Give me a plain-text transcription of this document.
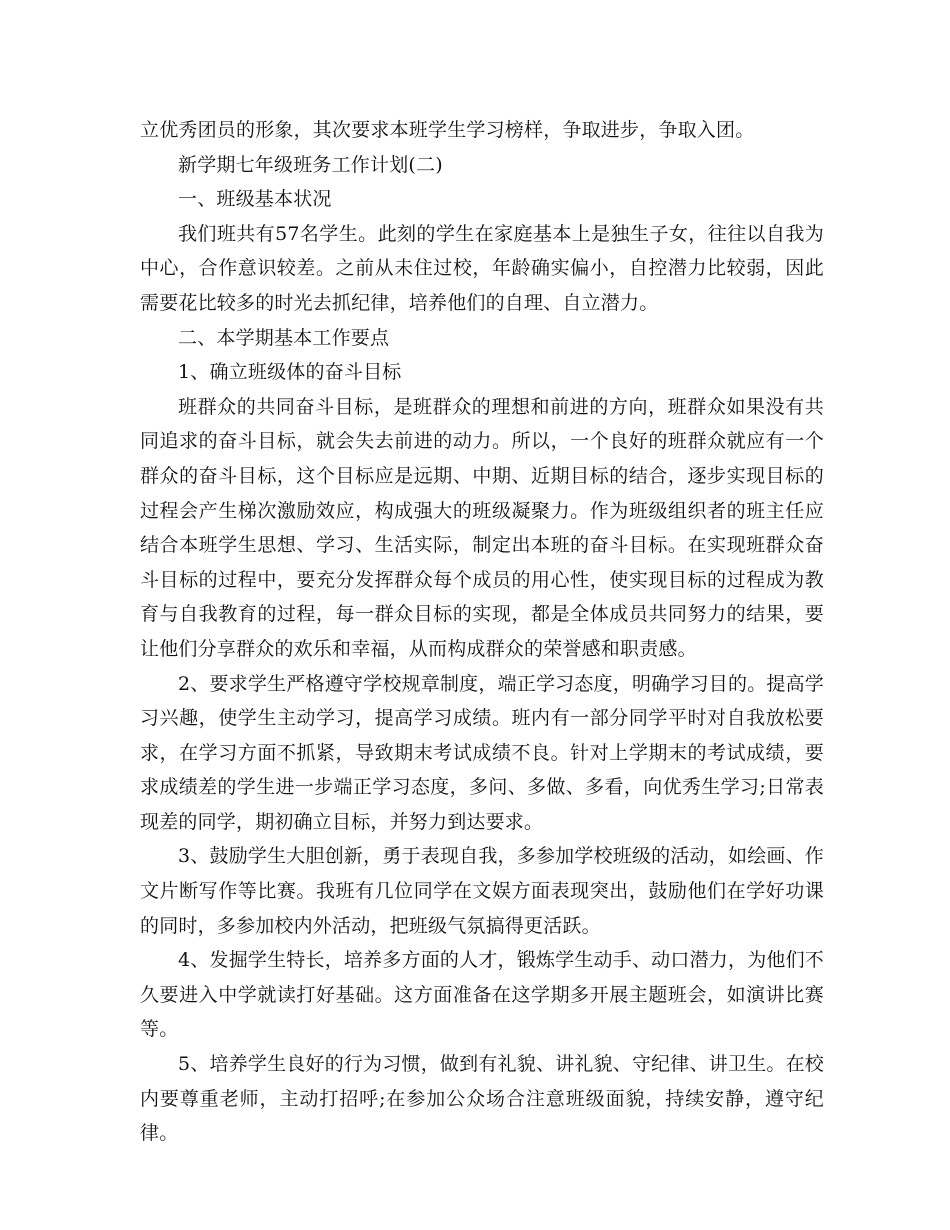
立优秀团员的形象，其次要求本班学生学习榜样，争取进步，争取入团。

新学期七年级班务工作计划(二)

一、班级基本状况

我们班共有57名学生。此刻的学生在家庭基本上是独生子女，往往以自我为中心，合作意识较差。之前从未住过校，年龄确实偏小，自控潜力比较弱，因此需要花比较多的时光去抓纪律，培养他们的自理、自立潜力。

二、本学期基本工作要点

1、确立班级体的奋斗目标

班群众的共同奋斗目标，是班群众的理想和前进的方向，班群众如果没有共同追求的奋斗目标，就会失去前进的动力。所以，一个良好的班群众就应有一个群众的奋斗目标，这个目标应是远期、中期、近期目标的结合，逐步实现目标的过程会产生梯次激励效应，构成强大的班级凝聚力。作为班级组织者的班主任应结合本班学生思想、学习、生活实际，制定出本班的奋斗目标。在实现班群众奋斗目标的过程中，要充分发挥群众每个成员的用心性，使实现目标的过程成为教育与自我教育的过程，每一群众目标的实现，都是全体成员共同努力的结果，要让他们分享群众的欢乐和幸福，从而构成群众的荣誉感和职责感。

2、要求学生严格遵守学校规章制度，端正学习态度，明确学习目的。提高学习兴趣，使学生主动学习，提高学习成绩。班内有一部分同学平时对自我放松要求，在学习方面不抓紧，导致期末考试成绩不良。针对上学期末的考试成绩，要求成绩差的学生进一步端正学习态度，多问、多做、多看，向优秀生学习;日常表现差的同学，期初确立目标，并努力到达要求。

3、鼓励学生大胆创新，勇于表现自我，多参加学校班级的活动，如绘画、作文片断写作等比赛。我班有几位同学在文娱方面表现突出，鼓励他们在学好功课的同时，多参加校内外活动，把班级气氛搞得更活跃。

4、发掘学生特长，培养多方面的人才，锻炼学生动手、动口潜力，为他们不久要进入中学就读打好基础。这方面准备在这学期多开展主题班会，如演讲比赛等。

5、培养学生良好的行为习惯，做到有礼貌、讲礼貌、守纪律、讲卫生。在校内要尊重老师，主动打招呼;在参加公众场合注意班级面貌，持续安静，遵守纪律。
